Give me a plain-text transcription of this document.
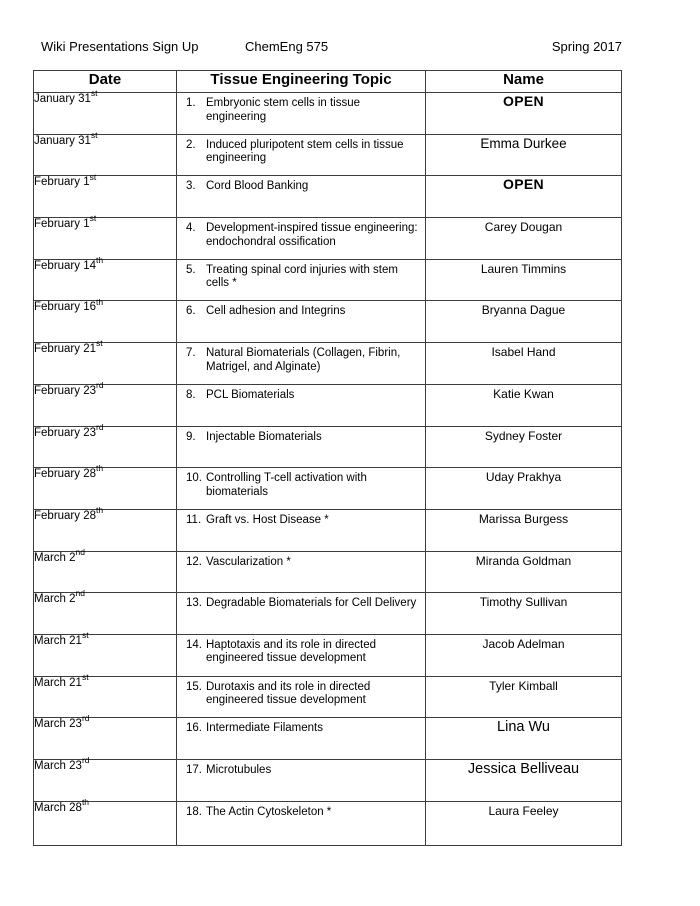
Wiki Presentations Sign Up	ChemEng 575	Spring 2017
Date	Tissue Engineering Topic	Name
January 31st	1. Embryonic stem cells in tissue engineering	OPEN
January 31st	2. Induced pluripotent stem cells in tissue engineering	Emma Durkee
February 1st	3. Cord Blood Banking	OPEN
February 1st	4. Development-inspired tissue engineering: endochondral ossification	Carey Dougan
February 14th	5. Treating spinal cord injuries with stem cells *	Lauren Timmins
February 16th	6. Cell adhesion and Integrins	Bryanna Dague
February 21st	7. Natural Biomaterials (Collagen, Fibrin, Matrigel, and Alginate)	Isabel Hand
February 23rd	8. PCL Biomaterials	Katie Kwan
February 23rd	9. Injectable Biomaterials	Sydney Foster
February 28th	10. Controlling T-cell activation with biomaterials	Uday Prakhya
February 28th	11. Graft vs. Host Disease *	Marissa Burgess
March 2nd	12. Vascularization *	Miranda Goldman
March 2nd	13. Degradable Biomaterials for Cell Delivery	Timothy Sullivan
March 21st	14. Haptotaxis and its role in directed engineered tissue development	Jacob Adelman
March 21st	15. Durotaxis and its role in directed engineered tissue development	Tyler Kimball
March 23rd	16. Intermediate Filaments	Lina Wu
March 23rd	17. Microtubules	Jessica Belliveau
March 28th	18. The Actin Cytoskeleton *	Laura Feeley
